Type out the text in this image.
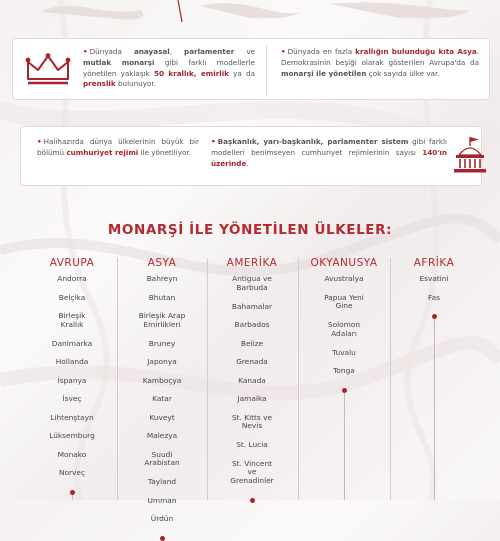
• Dünyada anayasal, parlamenter ve mutlak monarşi gibi farklı modellerle yönetilen yaklaşık 50 krallık, emirlik ya da prenslik bulunuyor.
• Dünyada en fazla krallığın bulunduğu kıta Asya. Demokrasinin beşiği olarak gösterilen Avrupa'da da monarşi ile yönetilen çok sayıda ülke var.
• Halihazırda dünya ülkelerinin büyük bir bölümü cumhuriyet rejimi ile yönetiliyor.
• Başkanlık, yarı-başkanlık, parlamenter sistem gibi farklı modelleri benimseyen cumhuriyet rejimlerinin sayısı 140'ın üzerinde.
MONARŞİ İLE YÖNETİLEN ÜLKELER:
AVRUPA
Andorra
Belçika
Birleşik
Krallık
Danimarka
Hollanda
İspanya
İsveç
Lihtenştayn
Lüksemburg
Monako
Norveç
ASYA
Bahreyn
Bhutan
Birleşik Arap
Emirlikleri
Bruney
Japonya
Kamboçya
Katar
Kuveyt
Malezya
Suudi
Arabistan
Tayland
Umman
Ürdün
AMERİKA
Antigua ve
Barbuda
Bahamalar
Barbados
Belize
Grenada
Kanada
Jamaika
St. Kitts ve
Nevis
St. Lucia
St. Vincent
ve
Grenadinler
OKYANUSYA
Avustralya
Papua Yeni
Gine
Solomon
Adaları
Tuvalu
Tonga
AFRİKA
Esvatini
Fas
